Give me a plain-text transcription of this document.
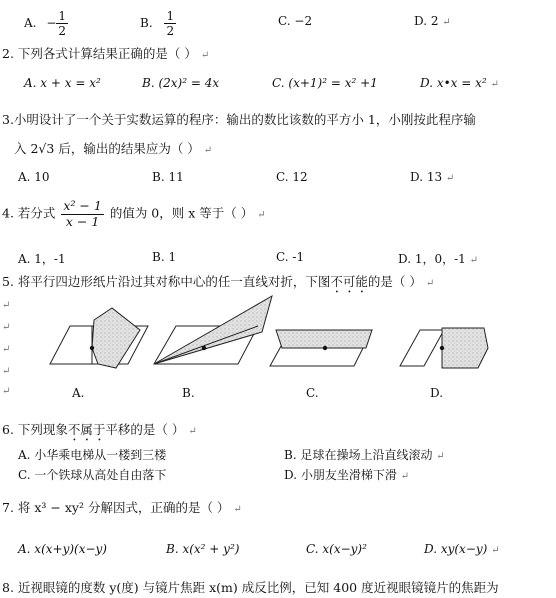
A. − $\frac{1}{2}$	B. $\frac{1}{2}$	C. −2	D. 2 ↵
2. 下列各式计算结果正确的是（ ） ↵
A. x + x = x²	B. (2x)² = 4x	C. (x+1)² = x² +1	D. x•x = x² ↵
3.小明设计了一个关于实数运算的程序：输出的数比该数的平方小 1，小刚按此程序输
入 2√3 后，输出的结果应为（ ） ↵
A. 10	B. 11	C. 12	D. 13 ↵
4. 若分式 $\frac{\text{x² − 1}}{x - 1}$ 的值为 0，则 x 等于（ ） ↵
A. 1，-1	B. 1	C. -1	D. 1，0，-1 ↵
5. 将平行四边形纸片沿过其对称中心的任一直线对折，下图不可能的是（ ） ↵
↵
↵
↵
↵
↵	A.	B.	C.	D.
6. 下列现象不属于平移的是（ ） ↵
A. 小华乘电梯从一楼到三楼	B. 足球在操场上沿直线滚动 ↵
C. 一个铁球从高处自由落下	D. 小朋友坐滑梯下滑 ↵
7. 将 x³ − xy² 分解因式，正确的是（ ） ↵
A. x(x+y)(x−y)	B. x(x² + y²)	C. x(x−y)²	D. xy(x−y) ↵
8. 近视眼镜的度数 y(度) 与镜片焦距 x(m) 成反比例，已知 400 度近视眼镜镜片的焦距为
